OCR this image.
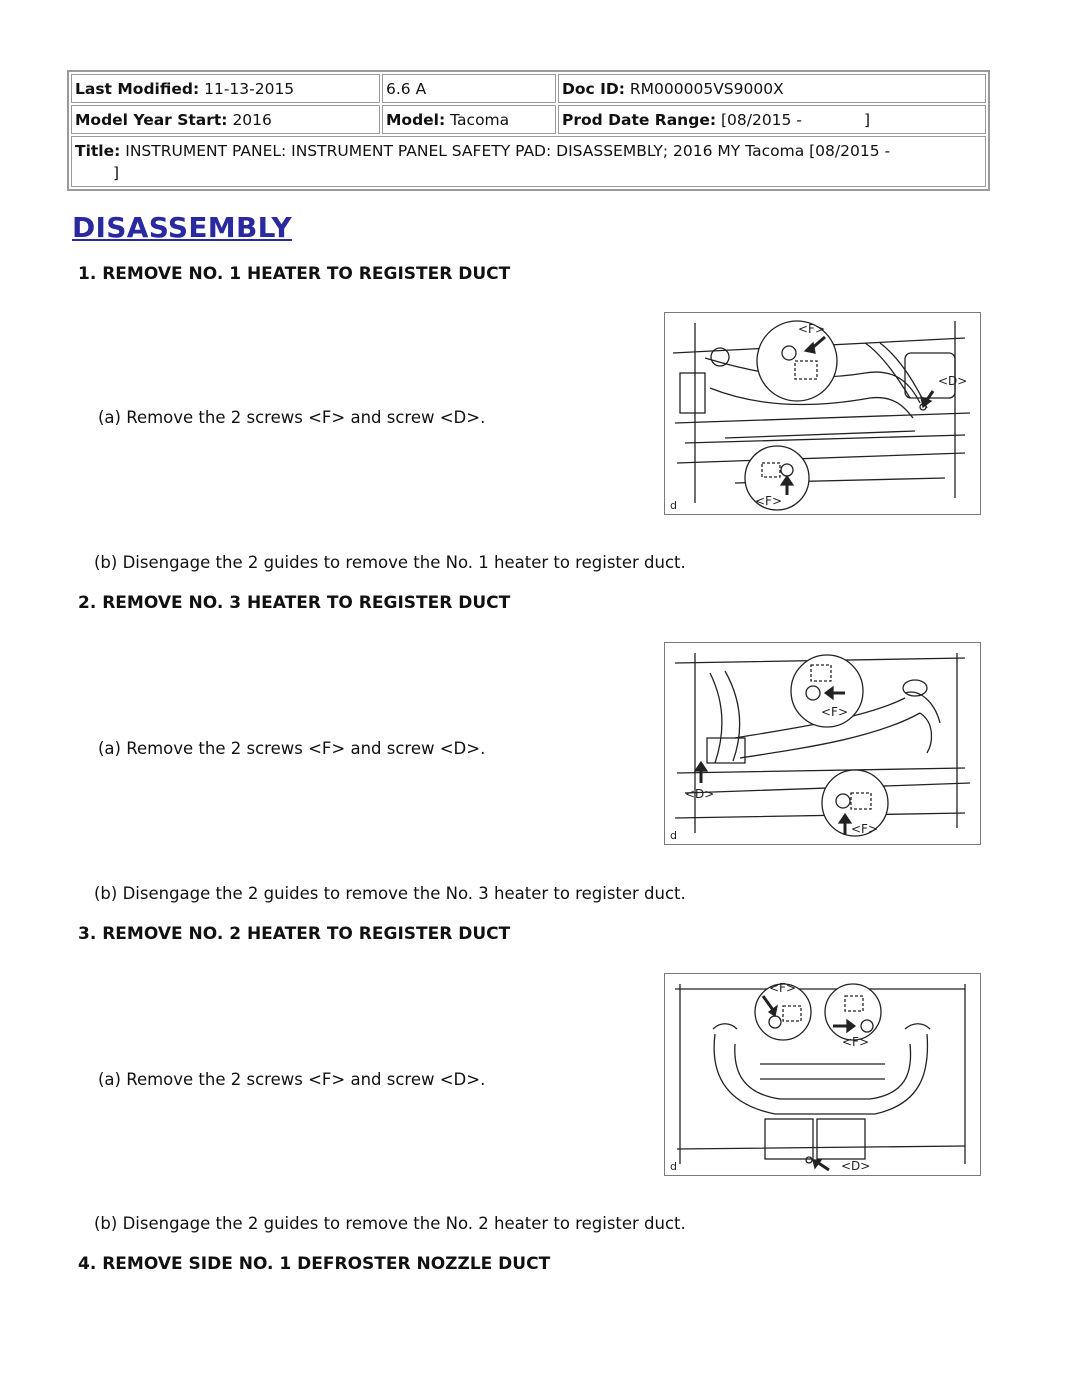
Last Modified: 11-13-2015	6.6 A	Doc ID: RM000005VS9000X
Model Year Start: 2016	Model: Tacoma	Prod Date Range: [08/2015 - ]
Title: INSTRUMENT PANEL: INSTRUMENT PANEL SAFETY PAD: DISASSEMBLY; 2016 MY Tacoma [08/2015 -
]		
DISASSEMBLY

1. REMOVE NO. 1 HEATER TO REGISTER DUCT

(a) Remove the 2 screws <F> and screw <D>.

<F>
<D>
<F>
d

(b) Disengage the 2 guides to remove the No. 1 heater to register duct.

2. REMOVE NO. 3 HEATER TO REGISTER DUCT

(a) Remove the 2 screws <F> and screw <D>.

<F>
<D>
<F>
d

(b) Disengage the 2 guides to remove the No. 3 heater to register duct.

3. REMOVE NO. 2 HEATER TO REGISTER DUCT

(a) Remove the 2 screws <F> and screw <D>.

<F>
<F>
<D>
d

(b) Disengage the 2 guides to remove the No. 2 heater to register duct.

4. REMOVE SIDE NO. 1 DEFROSTER NOZZLE DUCT
